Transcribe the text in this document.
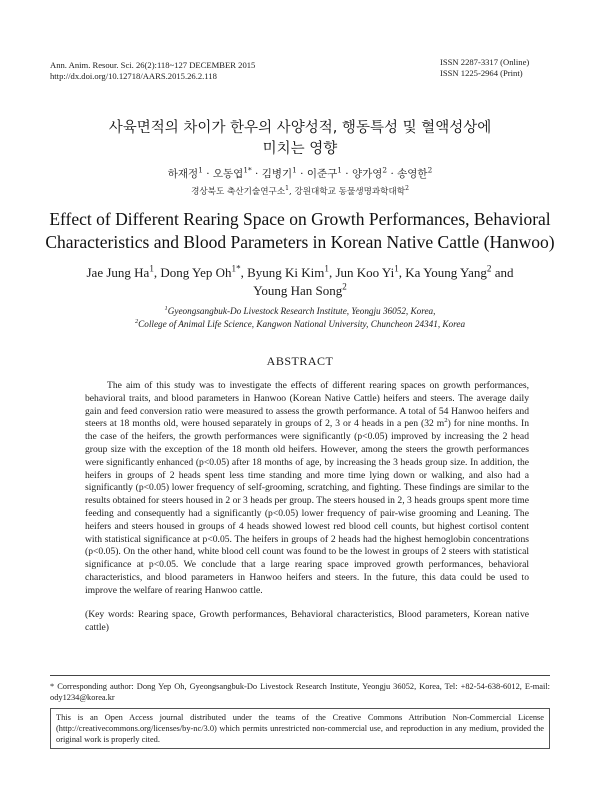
Ann. Anim. Resour. Sci. 26(2):118~127 DECEMBER 2015
http://dx.doi.org/10.12718/AARS.2015.26.2.118
ISSN 2287-3317 (Online)
ISSN 1225-2964 (Print)
사육면적의 차이가 한우의 사양성적, 행동특성 및 혈액성상에
미치는 영향
하재정$^1$ · 오동엽$^{1*}$ · 김병기$^1$ · 이준구$^1$ · 양가영$^2$ · 송영한$^2$
경상북도 축산기술연구소$^1$, 강원대학교 동물생명과학대학$^2$
Effect of Different Rearing Space on Growth Performances, Behavioral
Characteristics and Blood Parameters in Korean Native Cattle (Hanwoo)
Jae Jung Ha$^1$, Dong Yep $Oh^{1*}$, Byung Ki Kim$^1$, Jun Koo Yi$^1$, Ka Young Yang$^2$ and
Young Han Song$^2$
$^1$Gyeongsangbuk-Do Livestock Research Institute, Yeongju 36052, Korea,
$^2$College of Animal Life Science, Kangwon National University, Chuncheon 24341, Korea
ABSTRACT

The aim of this study was to investigate the effects of different rearing spaces on growth performances, behavioral traits, and blood parameters in Hanwoo (Korean Native Cattle) heifers and steers. The average daily gain and feed conversion ratio were measured to assess the growth performance. A total of 54 Hanwoo heifers and steers at 18 months old, were housed separately in groups of 2, 3 or 4 heads in a pen (32 $m^2$) for nine months. In the case of the heifers, the growth performances were significantly (p<0.05) improved by increasing the 2 head group size with the exception of the 18 month old heifers. However, among the steers the growth performances were significantly enhanced (p<0.05) after 18 months of age, by increasing the 3 heads group size. In addition, the heifers in groups of 2 heads spent less time standing and more time lying down or walking, and also had a significantly (p<0.05) lower frequency of self-grooming, scratching, and fighting. These findings are similar to the results obtained for steers housed in 2 or 3 heads per group. The steers housed in 2, 3 heads groups spent more time feeding and consequently had a significantly (p<0.05) lower frequency of pair-wise grooming and Leaning. The heifers and steers housed in groups of 4 heads showed lowest red blood cell counts, but highest cortisol content with statistical significance at p<0.05. The heifers in groups of 2 heads had the highest hemoglobin concentrations (p<0.05). On the other hand, white blood cell count was found to be the lowest in groups of 2 steers with statistical significance at p<0.05. We conclude that a large rearing space improved growth performances, behavioral characteristics, and blood parameters in Hanwoo heifers and steers. In the future, this data could be used to improve the welfare of rearing Hanwoo cattle.

(Key words: Rearing space, Growth performances, Behavioral characteristics, Blood parameters, Korean native cattle)
* Corresponding author: Dong Yep Oh, Gyeongsangbuk-Do Livestock Research Institute, Yeongju 36052, Korea, Tel: +82-54-638-6012, E-mail: ody1234@korea.kr
This is an Open Access journal distributed under the teams of the Creative Commons Attribution Non-Commercial License (http://creativecommons.org/licenses/by-nc/3.0) which permits unrestricted non-commercial use, and reproduction in any medium, provided the original work is properly cited.
